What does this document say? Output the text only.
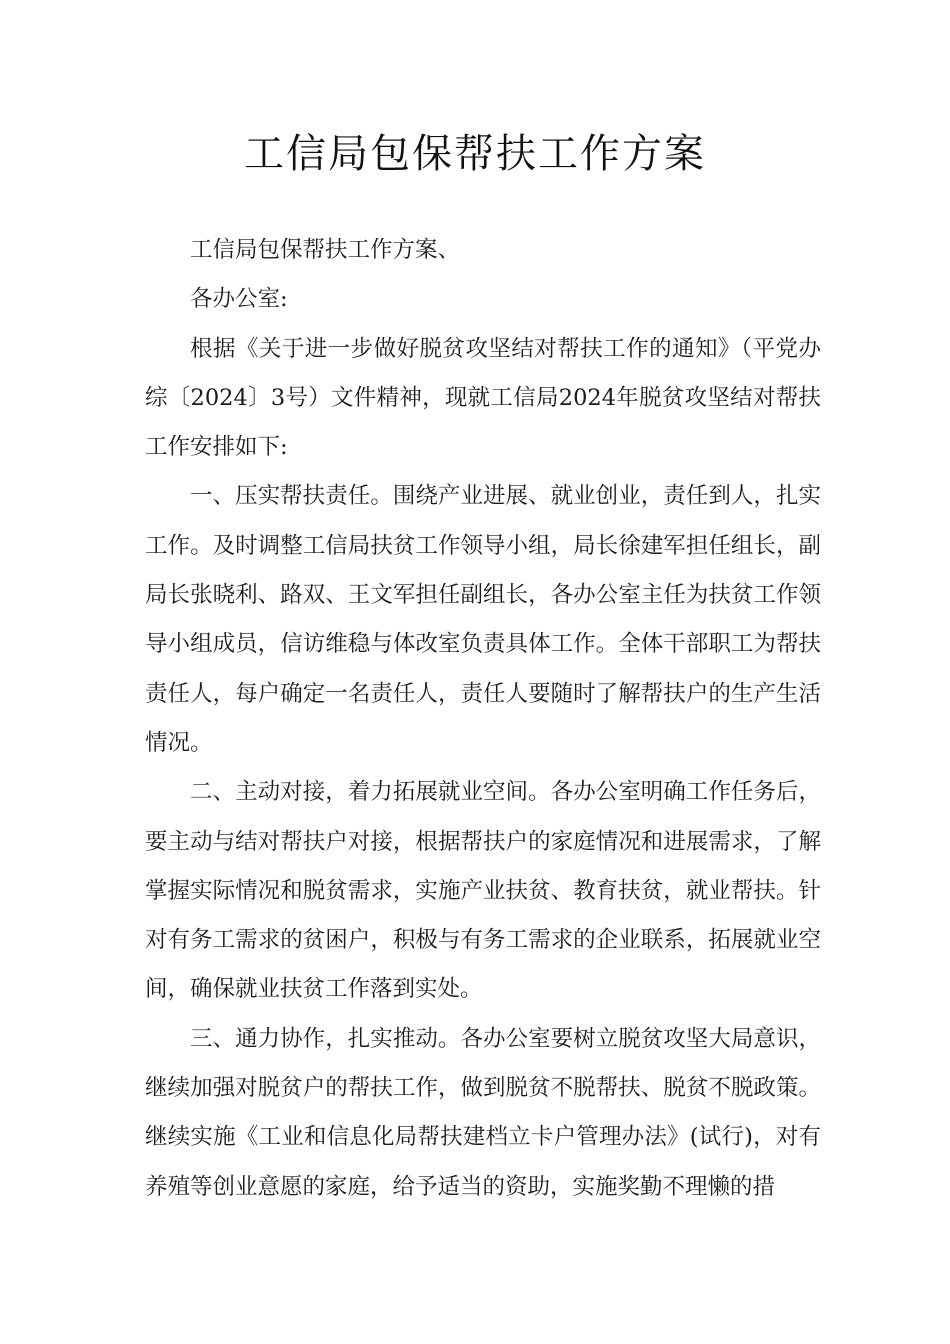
工信局包保帮扶工作方案

工信局包保帮扶工作方案、

各办公室:

根据《关于进一步做好脱贫攻坚结对帮扶工作的通知》（平党办综〔2024〕3号）文件精神，现就工信局2024年脱贫攻坚结对帮扶工作安排如下:

一、压实帮扶责任。围绕产业进展、就业创业，责任到人，扎实工作。及时调整工信局扶贫工作领导小组，局长徐建军担任组长，副局长张晓利、路双、王文军担任副组长，各办公室主任为扶贫工作领导小组成员，信访维稳与体改室负责具体工作。全体干部职工为帮扶责任人，每户确定一名责任人，责任人要随时了解帮扶户的生产生活情况。

二、主动对接，着力拓展就业空间。各办公室明确工作任务后，要主动与结对帮扶户对接，根据帮扶户的家庭情况和进展需求，了解掌握实际情况和脱贫需求，实施产业扶贫、教育扶贫，就业帮扶。针对有务工需求的贫困户，积极与有务工需求的企业联系，拓展就业空间，确保就业扶贫工作落到实处。

三、通力协作，扎实推动。各办公室要树立脱贫攻坚大局意识，继续加强对脱贫户的帮扶工作，做到脱贫不脱帮扶、脱贫不脱政策。继续实施《工业和信息化局帮扶建档立卡户管理办法》(试行)，对有养殖等创业意愿的家庭，给予适当的资助，实施奖勤不理懒的措
